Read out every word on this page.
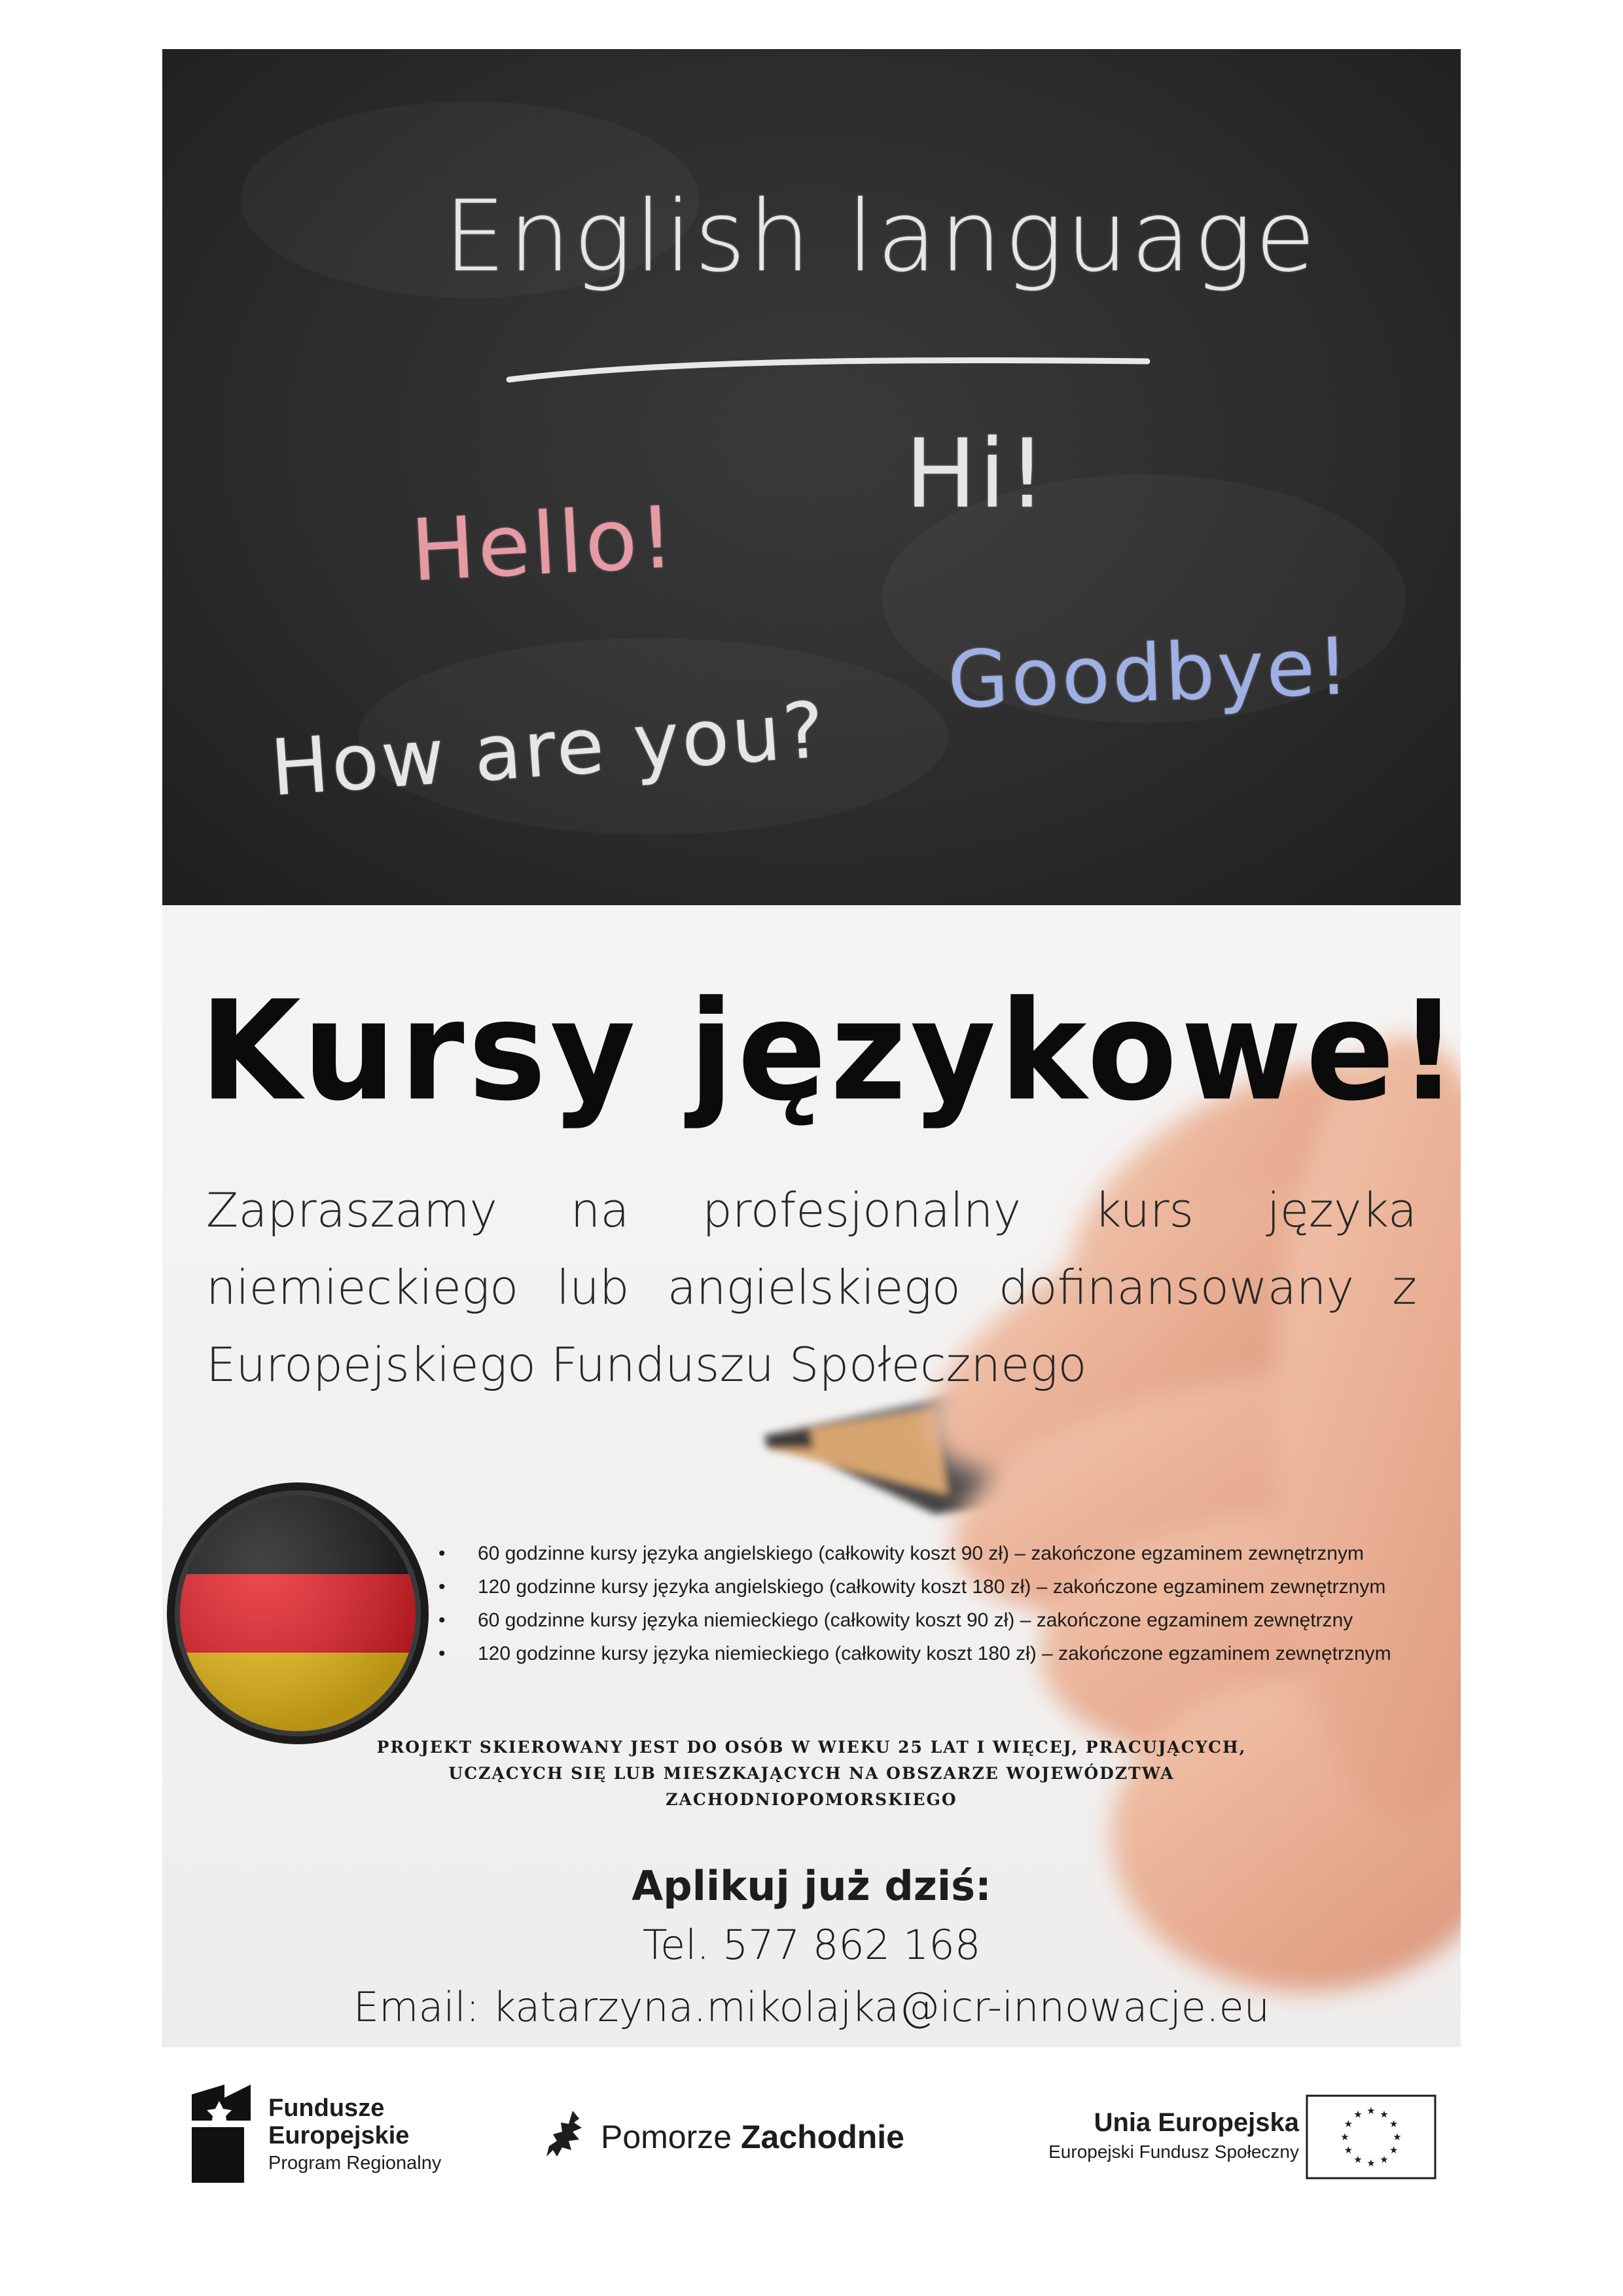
English language
Hi!
Hello!
Goodbye!
How are you?
Kursy językowe!
Zapraszamy na profesjonalny kurs języka niemieckiego lub angielskiego dofinansowany z Europejskiego Funduszu Społecznego
• 60 godzinne kursy języka angielskiego (całkowity koszt 90 zł) – zakończone egzaminem zewnętrznym
• 120 godzinne kursy języka angielskiego (całkowity koszt 180 zł) – zakończone egzaminem zewnętrznym
• 60 godzinne kursy języka niemieckiego (całkowity koszt 90 zł) – zakończone egzaminem zewnętrzny
• 120 godzinne kursy języka niemieckiego (całkowity koszt 180 zł) – zakończone egzaminem zewnętrznym
PROJEKT SKIEROWANY JEST DO OSÓB W WIEKU 25 LAT I WIĘCEJ, PRACUJĄCYCH, UCZĄCYCH SIĘ LUB MIESZKAJĄCYCH NA OBSZARZE WOJEWÓDZTWA ZACHODNIOPOMORSKIEGO
Aplikuj już dziś:
Tel. 577 862 168
Email: katarzyna.mikolajka@icr-innowacje.eu
Fundusze
Europejskie
Program Regionalny
Pomorze Zachodnie	Unia Europejska
Europejski Fundusz Społeczny
★
★
★
★
★
★
★
★
★ ★ ★
★
